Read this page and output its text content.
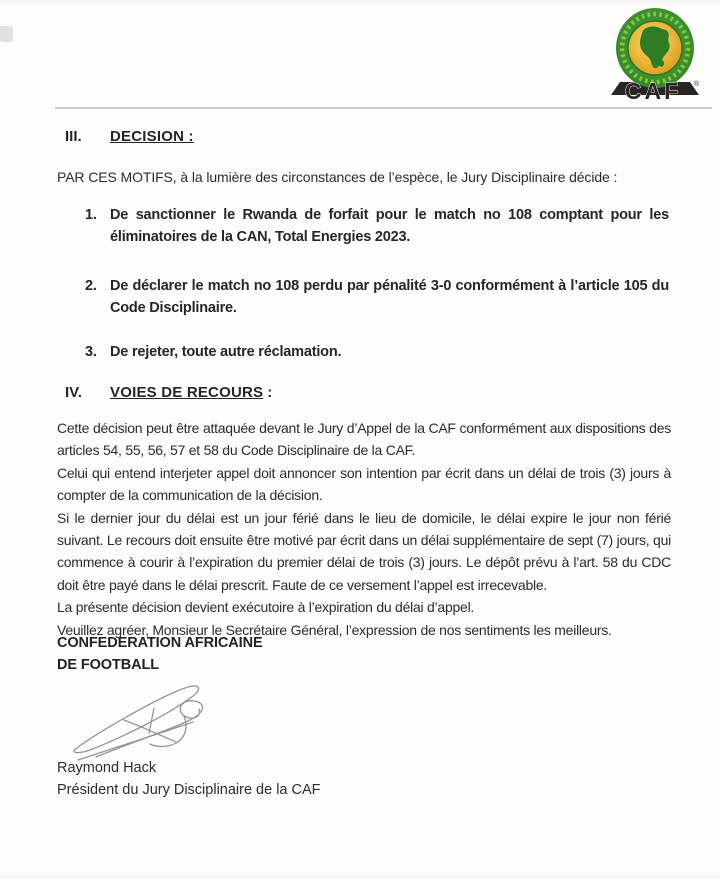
CAF ®
III. DECISION :
PAR CES MOTIFS, à la lumière des circonstances de l’espèce, le Jury Disciplinaire décide :
1. De sanctionner le Rwanda de forfait pour le match no 108 comptant pour les éliminatoires de la CAN, Total Energies 2023.
2. De déclarer le match no 108 perdu par pénalité 3-0 conformément à l’article 105 du Code Disciplinaire.
3. De rejeter, toute autre réclamation.
IV. VOIES DE RECOURS :

Cette décision peut être attaquée devant le Jury d’Appel de la CAF conformément aux dispositions des articles 54, 55, 56, 57 et 58 du Code Disciplinaire de la CAF.

Celui qui entend interjeter appel doit annoncer son intention par écrit dans un délai de trois (3) jours à compter de la communication de la décision.

Si le dernier jour du délai est un jour férié dans le lieu de domicile, le délai expire le jour non férié suivant. Le recours doit ensuite être motivé par écrit dans un délai supplémentaire de sept (7) jours, qui commence à courir à l’expiration du premier délai de trois (3) jours. Le dépôt prévu à l’art. 58 du CDC doit être payé dans le délai prescrit. Faute de ce versement l’appel est irrecevable.

La présente décision devient exécutoire à l’expiration du délai d’appel.

Veuillez agréer, Monsieur le Secrétaire Général, l’expression de nos sentiments les meilleurs.

CONFEDERATION AFRICAINE
DE FOOTBALL
Raymond Hack
Président du Jury Disciplinaire de la CAF
